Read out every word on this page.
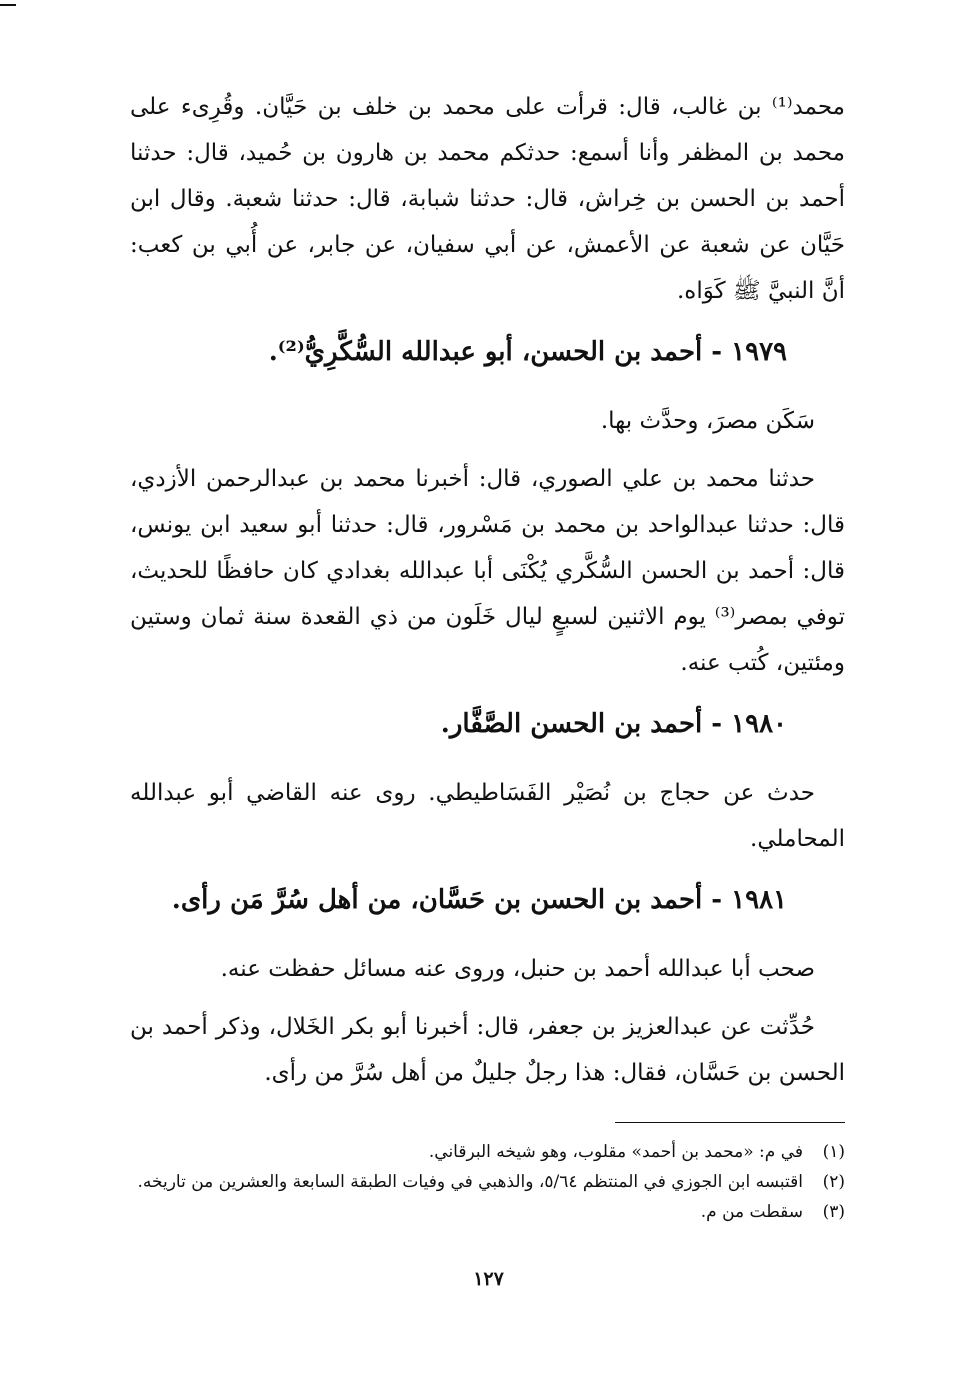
محمد⁽¹⁾ بن غالب، قال: قرأت على محمد بن خلف بن حَيَّان. وقُرِىء على محمد بن المظفر وأنا أسمع: حدثكم محمد بن هارون بن حُميد، قال: حدثنا أحمد بن الحسن بن خِراش، قال: حدثنا شبابة، قال: حدثنا شعبة. وقال ابن حَيَّان عن شعبة عن الأعمش، عن أبي سفيان، عن جابر، عن أُبي بن كعب: أنَّ النبيَّ ﷺ كَوَاه.

١٩٧٩ - أحمد بن الحسن، أبو عبدالله السُّكَّرِيُّ⁽²⁾.

سَكَن مصرَ، وحدَّث بها.

حدثنا محمد بن علي الصوري، قال: أخبرنا محمد بن عبدالرحمن الأزدي، قال: حدثنا عبدالواحد بن محمد بن مَسْرور، قال: حدثنا أبو سعيد ابن يونس، قال: أحمد بن الحسن السُّكَّري يُكْنَى أبا عبدالله بغدادي كان حافظًا للحديث، توفي بمصر⁽³⁾ يوم الاثنين لسبعٍ ليال خَلَون من ذي القعدة سنة ثمان وستين ومئتين، كُتب عنه.

١٩٨٠ - أحمد بن الحسن الصَّفَّار.

حدث عن حجاج بن نُصَيْر الفَسَاطيطي. روى عنه القاضي أبو عبدالله المحاملي.

١٩٨١ - أحمد بن الحسن بن حَسَّان، من أهل سُرَّ مَن رأى.

صحب أبا عبدالله أحمد بن حنبل، وروى عنه مسائل حفظت عنه.

حُدِّثت عن عبدالعزيز بن جعفر، قال: أخبرنا أبو بكر الخَلال، وذكر أحمد بن الحسن بن حَسَّان، فقال: هذا رجلٌ جليلٌ من أهل سُرَّ من رأى.

(١)
في م: «محمد بن أحمد» مقلوب، وهو شيخه البرقاني.
(٢)
اقتبسه ابن الجوزي في المنتظم ٥/٦٤، والذهبي في وفيات الطبقة السابعة والعشرين من تاريخه.
(٣)
سقطت من م.
١٢٧
